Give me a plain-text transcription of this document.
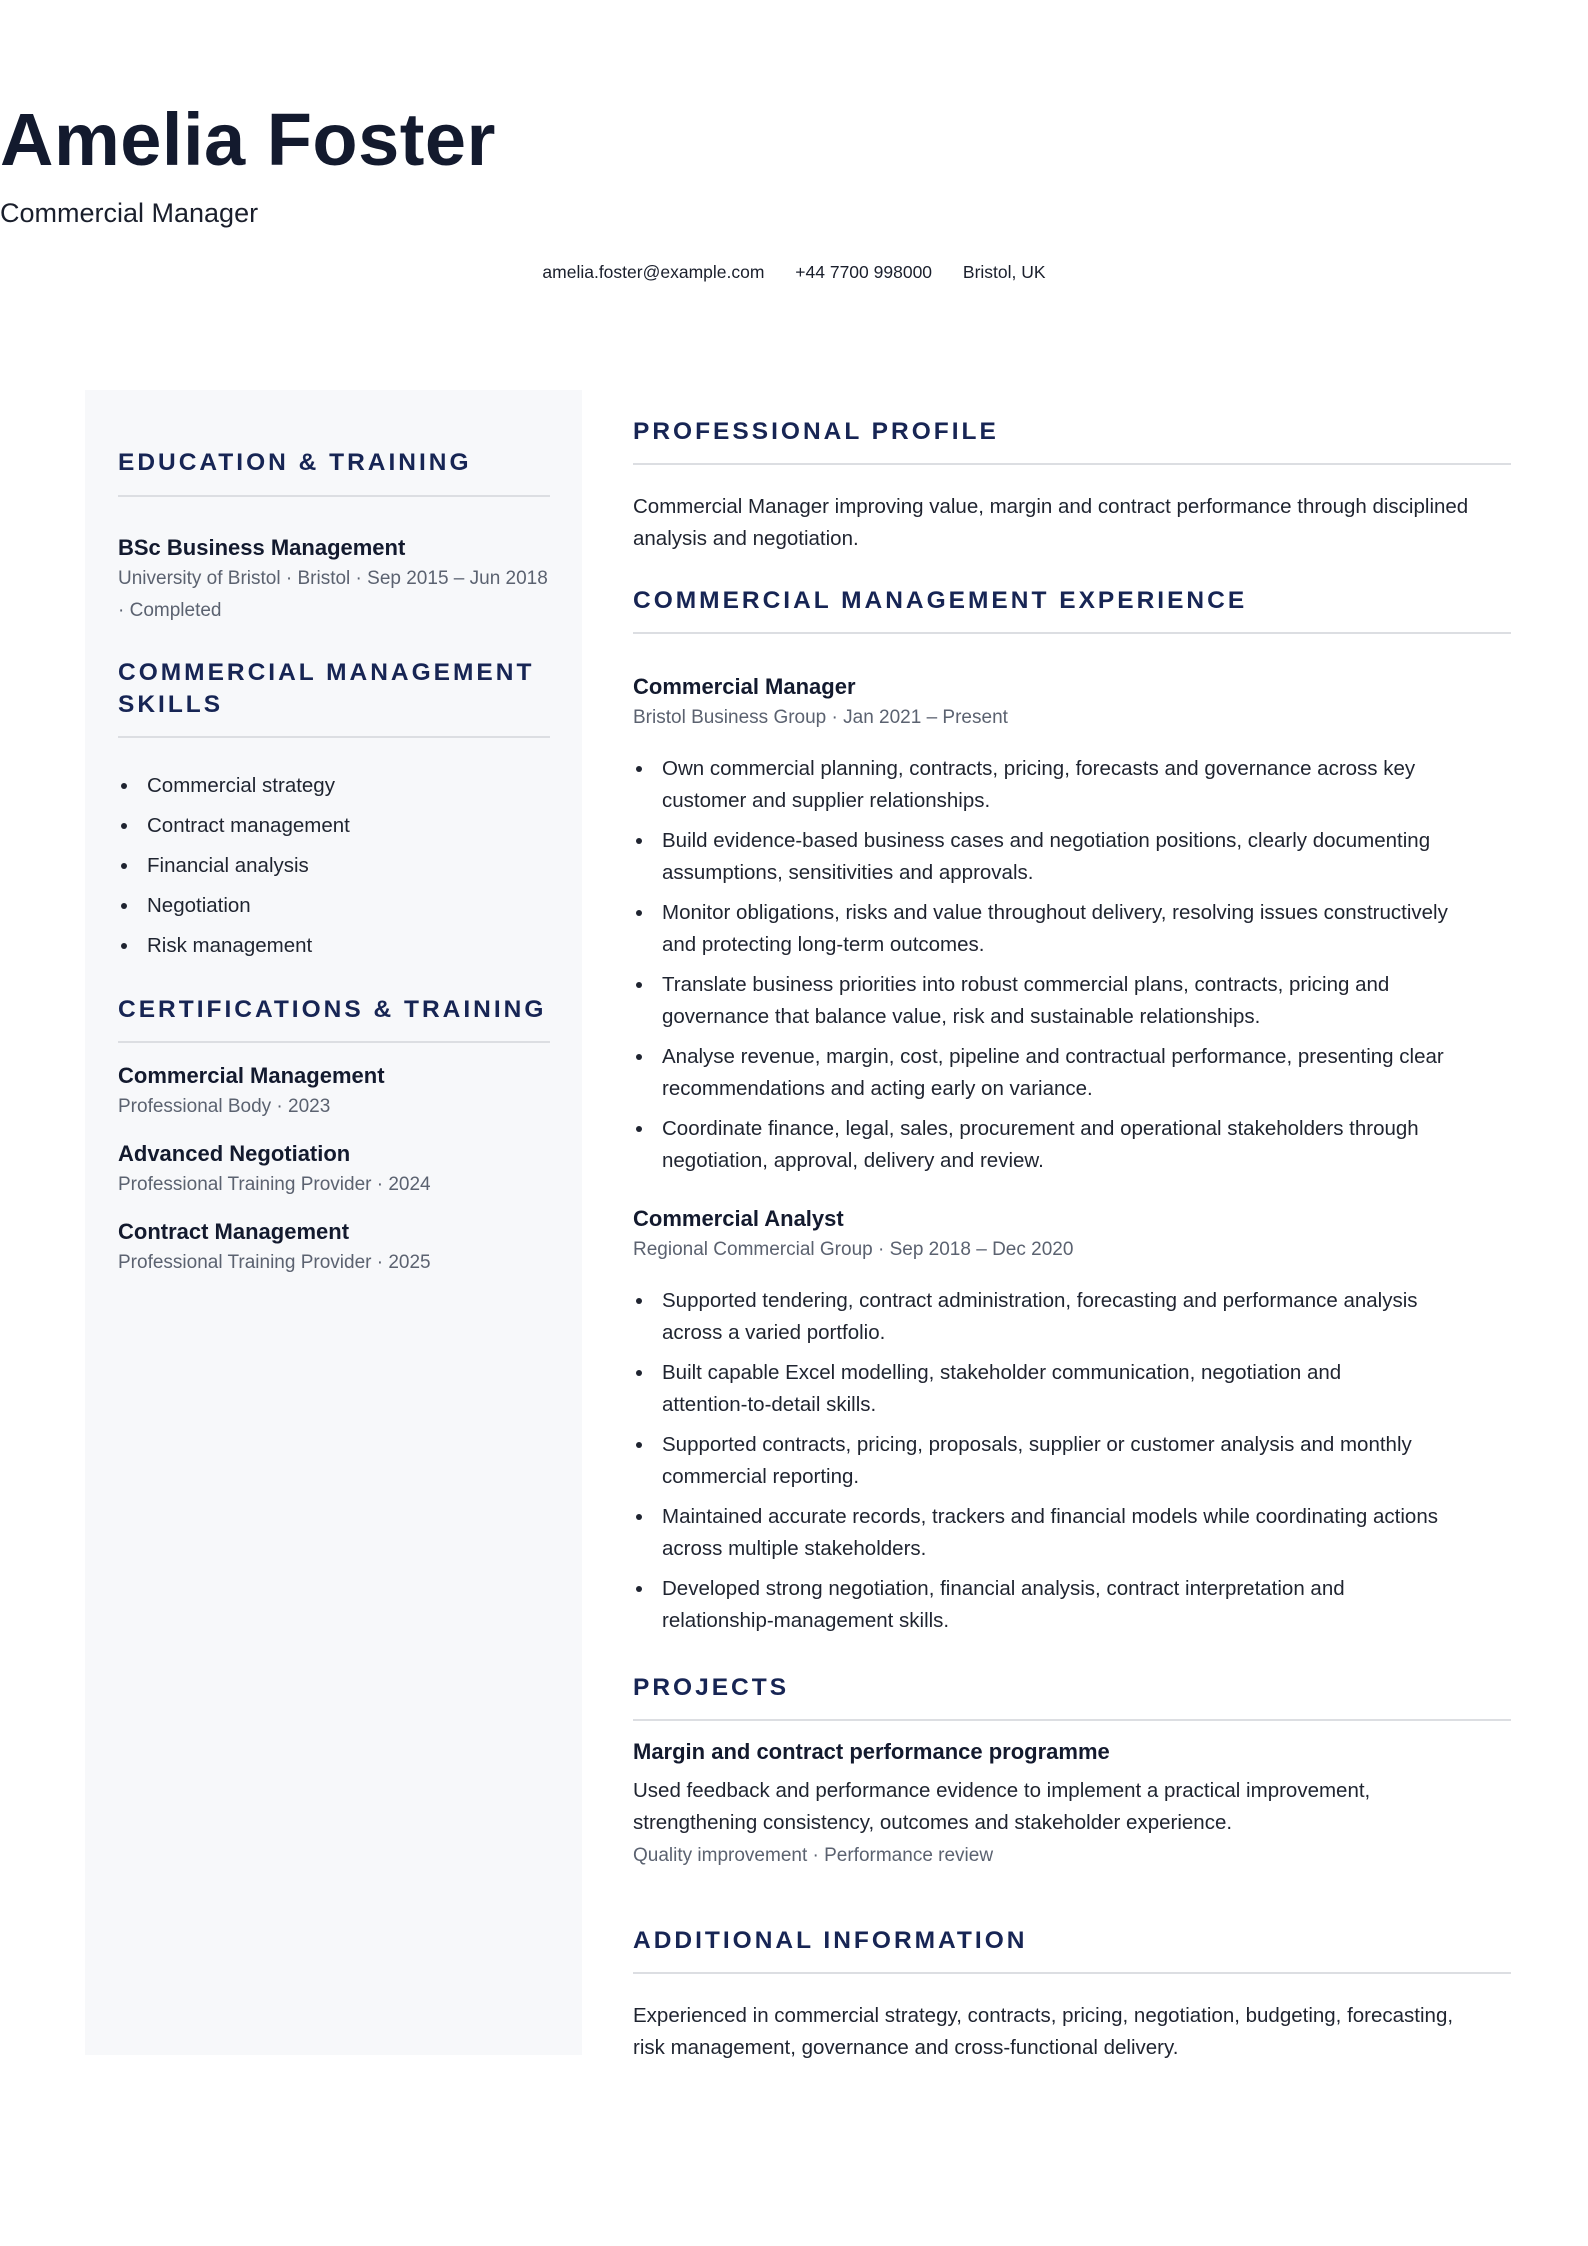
Amelia Foster
Commercial Manager
amelia.foster@example.com +44 7700 998000 Bristol, UK
EDUCATION & TRAINING
BSc Business Management
University of Bristol · Bristol · Sep 2015 – Jun 2018
· Completed
COMMERCIAL MANAGEMENT
SKILLS
Commercial strategy
Contract management
Financial analysis
Negotiation
Risk management
CERTIFICATIONS & TRAINING
Commercial Management
Professional Body · 2023
Advanced Negotiation
Professional Training Provider · 2024
Contract Management
Professional Training Provider · 2025
PROFESSIONAL PROFILE
Commercial Manager improving value, margin and contract performance through disciplined
analysis and negotiation.
COMMERCIAL MANAGEMENT EXPERIENCE
Commercial Manager
Bristol Business Group · Jan 2021 – Present
Own commercial planning, contracts, pricing, forecasts and governance across key
customer and supplier relationships.
Build evidence-based business cases and negotiation positions, clearly documenting
assumptions, sensitivities and approvals.
Monitor obligations, risks and value throughout delivery, resolving issues constructively
and protecting long-term outcomes.
Translate business priorities into robust commercial plans, contracts, pricing and
governance that balance value, risk and sustainable relationships.
Analyse revenue, margin, cost, pipeline and contractual performance, presenting clear
recommendations and acting early on variance.
Coordinate finance, legal, sales, procurement and operational stakeholders through
negotiation, approval, delivery and review.
Commercial Analyst
Regional Commercial Group · Sep 2018 – Dec 2020
Supported tendering, contract administration, forecasting and performance analysis
across a varied portfolio.
Built capable Excel modelling, stakeholder communication, negotiation and
attention-to-detail skills.
Supported contracts, pricing, proposals, supplier or customer analysis and monthly
commercial reporting.
Maintained accurate records, trackers and financial models while coordinating actions
across multiple stakeholders.
Developed strong negotiation, financial analysis, contract interpretation and
relationship-management skills.
PROJECTS
Margin and contract performance programme
Used feedback and performance evidence to implement a practical improvement,
strengthening consistency, outcomes and stakeholder experience.
Quality improvement · Performance review
ADDITIONAL INFORMATION
Experienced in commercial strategy, contracts, pricing, negotiation, budgeting, forecasting,
risk management, governance and cross-functional delivery.
